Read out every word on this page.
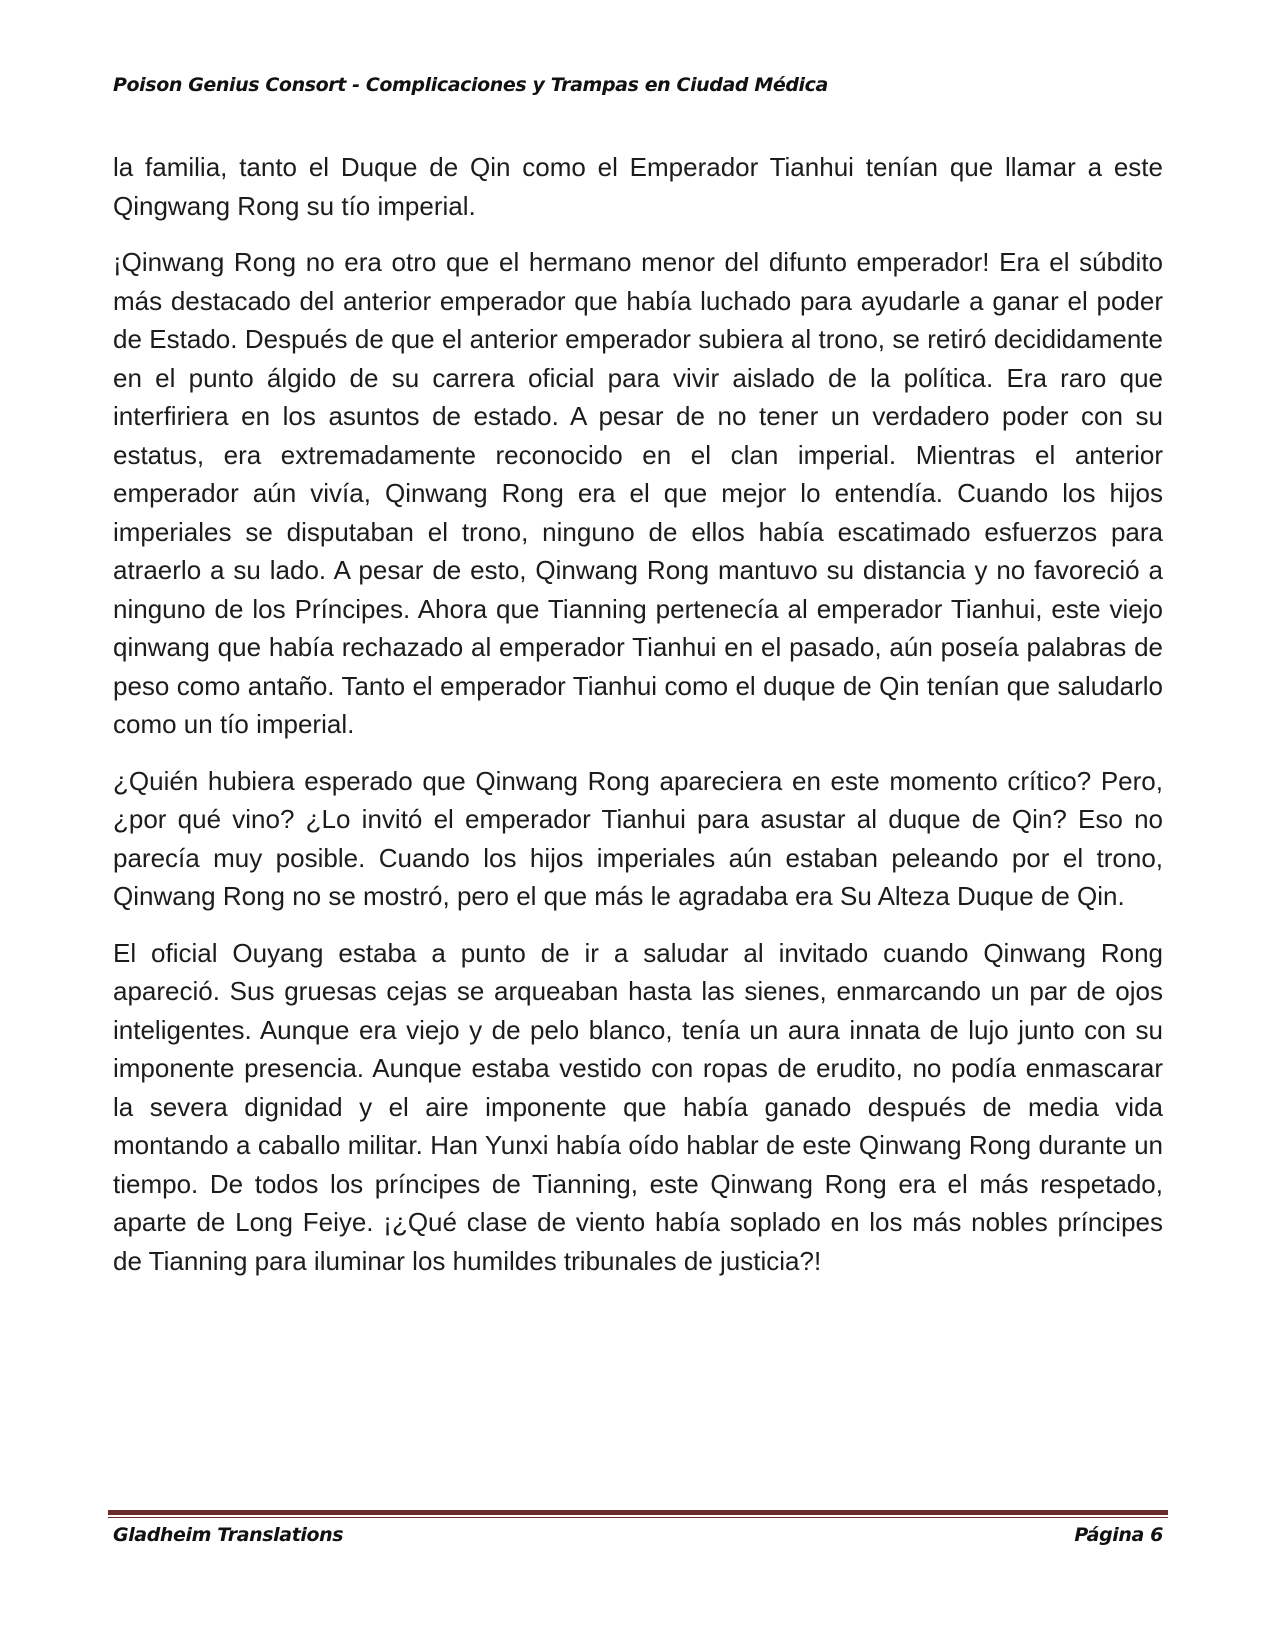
Poison Genius Consort - Complicaciones y Trampas en Ciudad Médica

la familia, tanto el Duque de Qin como el Emperador Tianhui tenían que llamar a este Qingwang Rong su tío imperial.

¡Qinwang Rong no era otro que el hermano menor del difunto emperador! Era el súbdito más destacado del anterior emperador que había luchado para ayudarle a ganar el poder de Estado. Después de que el anterior emperador subiera al trono, se retiró decididamente en el punto álgido de su carrera oficial para vivir aislado de la política. Era raro que interfiriera en los asuntos de estado. A pesar de no tener un verdadero poder con su estatus, era extremadamente reconocido en el clan imperial. Mientras el anterior emperador aún vivía, Qinwang Rong era el que mejor lo entendía. Cuando los hijos imperiales se disputaban el trono, ninguno de ellos había escatimado esfuerzos para atraerlo a su lado. A pesar de esto, Qinwang Rong mantuvo su distancia y no favoreció a ninguno de los Príncipes. Ahora que Tianning pertenecía al emperador Tianhui, este viejo qinwang que había rechazado al emperador Tianhui en el pasado, aún poseía palabras de peso como antaño. Tanto el emperador Tianhui como el duque de Qin tenían que saludarlo como un tío imperial.

¿Quién hubiera esperado que Qinwang Rong apareciera en este momento crítico? Pero, ¿por qué vino? ¿Lo invitó el emperador Tianhui para asustar al duque de Qin? Eso no parecía muy posible. Cuando los hijos imperiales aún estaban peleando por el trono, Qinwang Rong no se mostró, pero el que más le agradaba era Su Alteza Duque de Qin.

El oficial Ouyang estaba a punto de ir a saludar al invitado cuando Qinwang Rong apareció. Sus gruesas cejas se arqueaban hasta las sienes, enmarcando un par de ojos inteligentes. Aunque era viejo y de pelo blanco, tenía un aura innata de lujo junto con su imponente presencia. Aunque estaba vestido con ropas de erudito, no podía enmascarar la severa dignidad y el aire imponente que había ganado después de media vida montando a caballo militar. Han Yunxi había oído hablar de este Qinwang Rong durante un tiempo. De todos los príncipes de Tianning, este Qinwang Rong era el más respetado, aparte de Long Feiye. ¡¿Qué clase de viento había soplado en los más nobles príncipes de Tianning para iluminar los humildes tribunales de justicia?!

Gladheim Translations	Página 6
